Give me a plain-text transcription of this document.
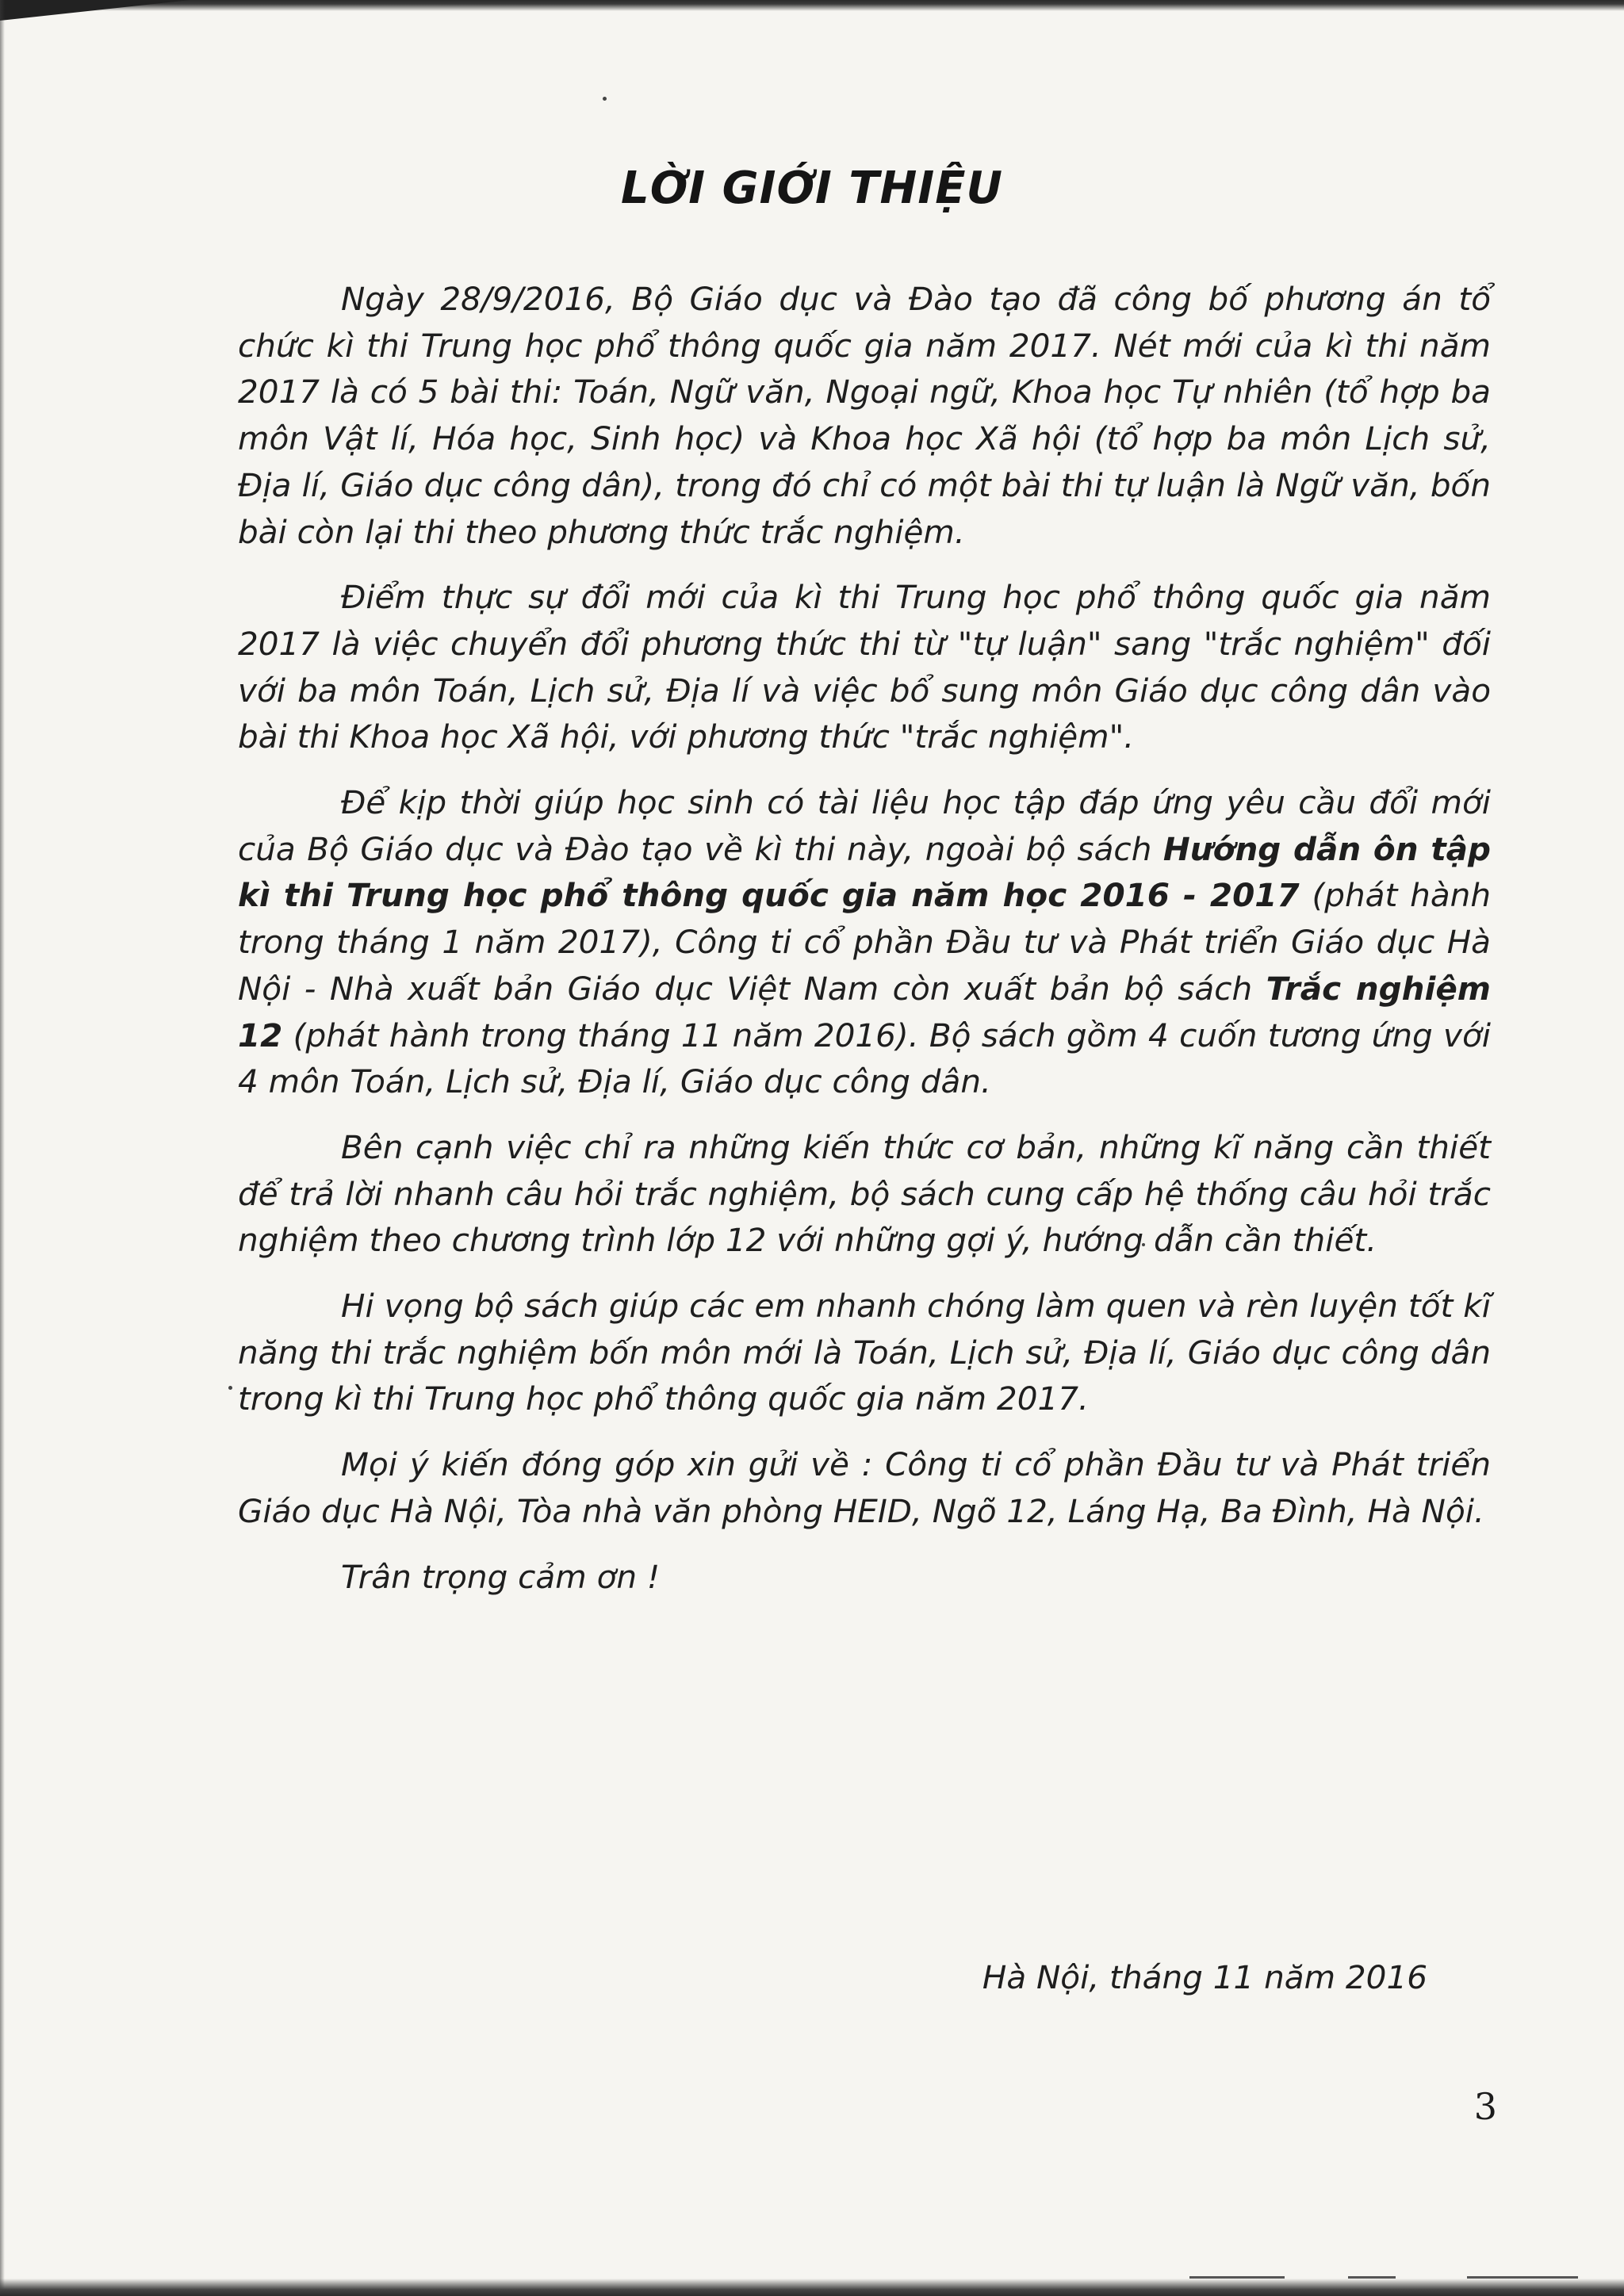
LỜI GIỚI THIỆU

Ngày 28/9/2016, Bộ Giáo dục và Đào tạo đã công bố phương án tổ chức kì thi Trung học phổ thông quốc gia năm 2017. Nét mới của kì thi năm 2017 là có 5 bài thi: Toán, Ngữ văn, Ngoại ngữ, Khoa học Tự nhiên (tổ hợp ba môn Vật lí, Hóa học, Sinh học) và Khoa học Xã hội (tổ hợp ba môn Lịch sử, Địa lí, Giáo dục công dân), trong đó chỉ có một bài thi tự luận là Ngữ văn, bốn bài còn lại thi theo phương thức trắc nghiệm.

Điểm thực sự đổi mới của kì thi Trung học phổ thông quốc gia năm 2017 là việc chuyển đổi phương thức thi từ "tự luận" sang "trắc nghiệm" đối với ba môn Toán, Lịch sử, Địa lí và việc bổ sung môn Giáo dục công dân vào bài thi Khoa học Xã hội, với phương thức "trắc nghiệm".

Để kịp thời giúp học sinh có tài liệu học tập đáp ứng yêu cầu đổi mới của Bộ Giáo dục và Đào tạo về kì thi này, ngoài bộ sách Hướng dẫn ôn tập kì thi Trung học phổ thông quốc gia năm học 2016 - 2017 (phát hành trong tháng 1 năm 2017), Công ti cổ phần Đầu tư và Phát triển Giáo dục Hà Nội - Nhà xuất bản Giáo dục Việt Nam còn xuất bản bộ sách Trắc nghiệm 12 (phát hành trong tháng 11 năm 2016). Bộ sách gồm 4 cuốn tương ứng với 4 môn Toán, Lịch sử, Địa lí, Giáo dục công dân.

Bên cạnh việc chỉ ra những kiến thức cơ bản, những kĩ năng cần thiết để trả lời nhanh câu hỏi trắc nghiệm, bộ sách cung cấp hệ thống câu hỏi trắc nghiệm theo chương trình lớp 12 với những gợi ý, hướng dẫn cần thiết.

Hi vọng bộ sách giúp các em nhanh chóng làm quen và rèn luyện tốt kĩ năng thi trắc nghiệm bốn môn mới là Toán, Lịch sử, Địa lí, Giáo dục công dân trong kì thi Trung học phổ thông quốc gia năm 2017.

Mọi ý kiến đóng góp xin gửi về : Công ti cổ phần Đầu tư và Phát triển Giáo dục Hà Nội, Tòa nhà văn phòng HEID, Ngõ 12, Láng Hạ, Ba Đình, Hà Nội.

Trân trọng cảm ơn !

Hà Nội, tháng 11 năm 2016
3
